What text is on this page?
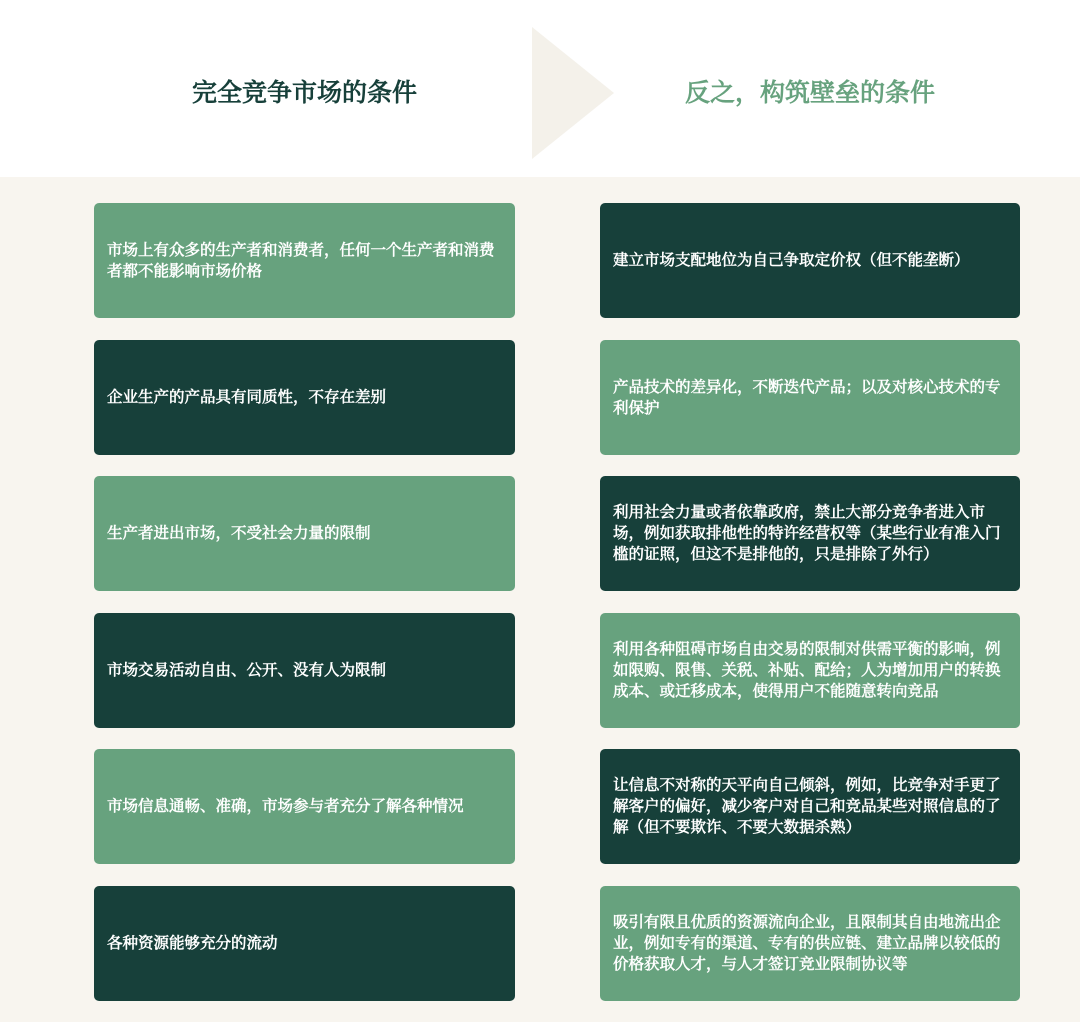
完全竞争市场的条件	反之，构筑壁垒的条件
市场上有众多的生产者和消费者，任何一个生产者和消费者都不能影响市场价格
建立市场支配地位为自己争取定价权（但不能垄断）
企业生产的产品具有同质性，不存在差别
产品技术的差异化，不断迭代产品；以及对核心技术的专利保护
生产者进出市场，不受社会力量的限制
利用社会力量或者依靠政府，禁止大部分竞争者进入市场，例如获取排他性的特许经营权等（某些行业有准入门槛的证照，但这不是排他的，只是排除了外行）
市场交易活动自由、公开、没有人为限制
利用各种阻碍市场自由交易的限制对供需平衡的影响，例如限购、限售、关税、补贴、配给；人为增加用户的转换成本、或迁移成本，使得用户不能随意转向竞品
市场信息通畅、准确，市场参与者充分了解各种情况
让信息不对称的天平向自己倾斜，例如，比竞争对手更了解客户的偏好，减少客户对自己和竞品某些对照信息的了解（但不要欺诈、不要大数据杀熟）
各种资源能够充分的流动
吸引有限且优质的资源流向企业，且限制其自由地流出企业，例如专有的渠道、专有的供应链、建立品牌以较低的价格获取人才，与人才签订竞业限制协议等
